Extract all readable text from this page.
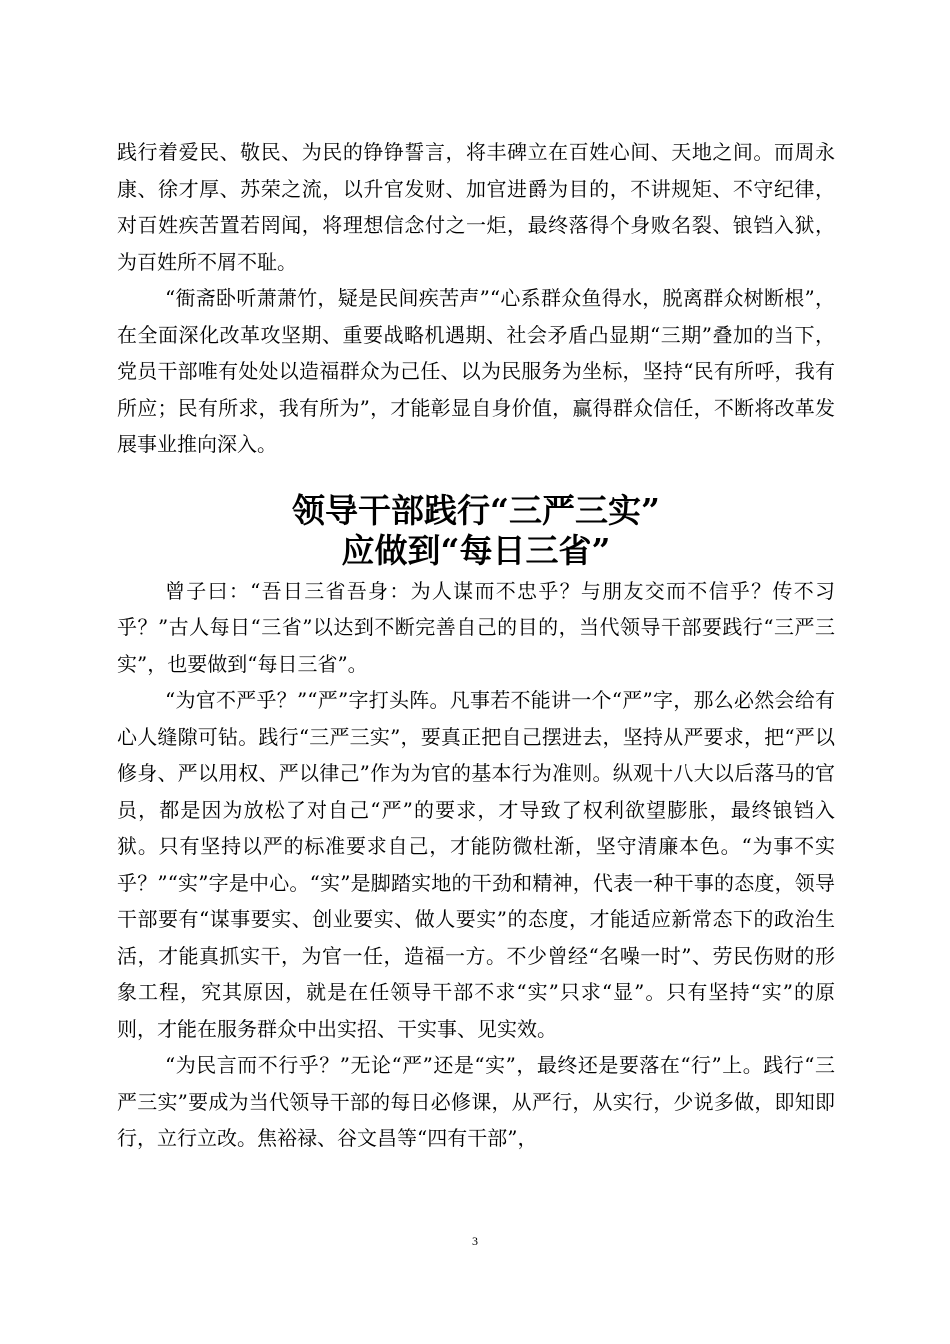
践行着爱民、敬民、为民的铮铮誓言，将丰碑立在百姓心间、天地之间。而周永康、徐才厚、苏荣之流，以升官发财、加官进爵为目的，不讲规矩、不守纪律，对百姓疾苦置若罔闻，将理想信念付之一炬，最终落得个身败名裂、锒铛入狱，为百姓所不屑不耻。

“衙斋卧听萧萧竹，疑是民间疾苦声”“心系群众鱼得水，脱离群众树断根”，在全面深化改革攻坚期、重要战略机遇期、社会矛盾凸显期“三期”叠加的当下，党员干部唯有处处以造福群众为己任、以为民服务为坐标，坚持“民有所呼，我有所应；民有所求，我有所为”，才能彰显自身价值，赢得群众信任，不断将改革发展事业推向深入。

领导干部践行“三严三实”
应做到“每日三省”

曾子曰：“吾日三省吾身：为人谋而不忠乎？与朋友交而不信乎？传不习乎？”古人每日“三省”以达到不断完善自己的目的，当代领导干部要践行“三严三实”，也要做到“每日三省”。

“为官不严乎？”“严”字打头阵。凡事若不能讲一个“严”字，那么必然会给有心人缝隙可钻。践行“三严三实”，要真正把自己摆进去，坚持从严要求，把“严以修身、严以用权、严以律己”作为为官的基本行为准则。纵观十八大以后落马的官员，都是因为放松了对自己“严”的要求，才导致了权利欲望膨胀，最终锒铛入狱。只有坚持以严的标准要求自己，才能防微杜渐，坚守清廉本色。“为事不实乎？”“实”字是中心。“实”是脚踏实地的干劲和精神，代表一种干事的态度，领导干部要有“谋事要实、创业要实、做人要实”的态度，才能适应新常态下的政治生活，才能真抓实干，为官一任，造福一方。不少曾经“名噪一时”、劳民伤财的形象工程，究其原因，就是在任领导干部不求“实”只求“显”。只有坚持“实”的原则，才能在服务群众中出实招、干实事、见实效。

“为民言而不行乎？”无论“严”还是“实”，最终还是要落在“行”上。践行“三严三实”要成为当代领导干部的每日必修课，从严行，从实行，少说多做，即知即行，立行立改。焦裕禄、谷文昌等“四有干部”，

3
